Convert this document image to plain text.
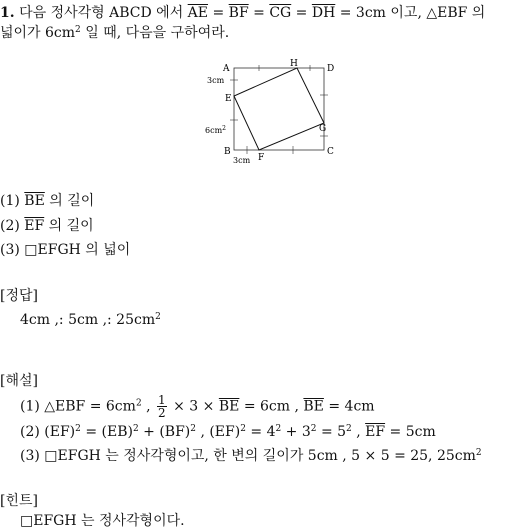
1. 다음 정사각형 ABCD 에서 $\overline{AE} = \overline{BF} = \overline{CG} = \overline{DH} = 3cm$ 이고, △EBF 의
넓이가 $6cm^2$ 일 때, 다음을 구하여라.
A
B	C
D
E
F
G
H
3cm
3cm
$6cm^2$
(1) $\overline{BE}$ 의 길이
(2) $\overline{EF}$ 의 길이
(3) □EFGH 의 넓이
[정답]
4cm ,: 5cm ,: $25cm^2$
[해설]
(1) △EBF = $6cm^2$ , $\frac{1}{2} \times 3 \times \overline{BE} = 6cm$ , $\overline{BE} = 4cm$
(2) (EF)$^2$ = (EB)$^2$ + (BF)$^2$ , $(EF)^2 = 4^2 + 3^2 = 5^2$ , $\overline{EF} = 5cm$
(3) □EFGH 는 정사각형이고, 한 변의 길이가 5cm , 5 × 5 = 25, $25cm^2$
[힌트]
□EFGH 는 정사각형이다.
